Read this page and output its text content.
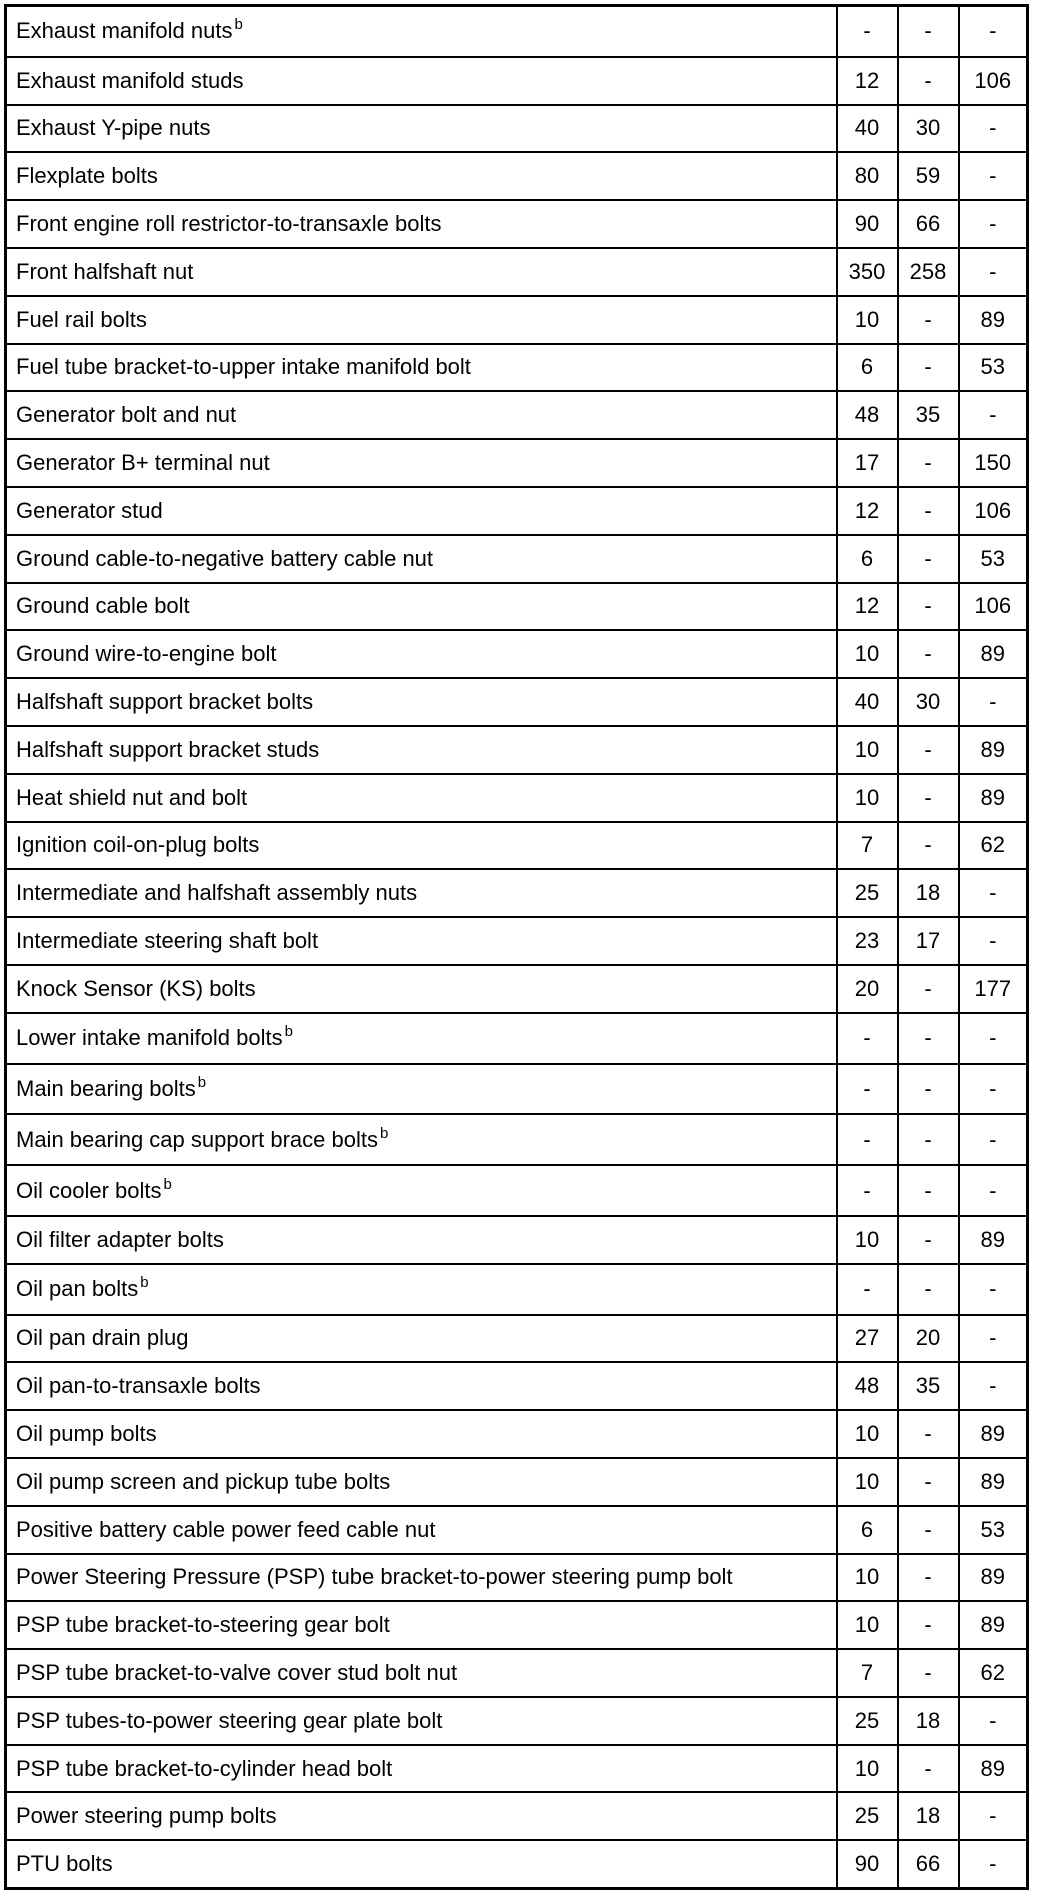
Exhaust manifold nuts $^b$	-	-	-
Exhaust manifold studs	12	-	106
Exhaust Y-pipe nuts	40	30	-
Flexplate bolts	80	59	-
Front engine roll restrictor-to-transaxle bolts	90	66	-
Front halfshaft nut	350	258	-
Fuel rail bolts	10	-	89
Fuel tube bracket-to-upper intake manifold bolt	6	-	53
Generator bolt and nut	48	35	-
Generator B+ terminal nut	17	-	150
Generator stud	12	-	106
Ground cable-to-negative battery cable nut	6	-	53
Ground cable bolt	12	-	106
Ground wire-to-engine bolt	10	-	89
Halfshaft support bracket bolts	40	30	-
Halfshaft support bracket studs	10	-	89
Heat shield nut and bolt	10	-	89
Ignition coil-on-plug bolts	7	-	62
Intermediate and halfshaft assembly nuts	25	18	-
Intermediate steering shaft bolt	23	17	-
Knock Sensor (KS) bolts	20	-	177
Lower intake manifold bolts $^b$	-	-	-
Main bearing bolts $^b$	-	-	-
Main bearing cap support brace bolts $^b$	-	-	-
Oil cooler bolts $^b$	-	-	-
Oil filter adapter bolts	10	-	89
Oil pan bolts $^b$	-	-	-
Oil pan drain plug	27	20	-
Oil pan-to-transaxle bolts	48	35	-
Oil pump bolts	10	-	89
Oil pump screen and pickup tube bolts	10	-	89
Positive battery cable power feed cable nut	6	-	53
Power Steering Pressure (PSP) tube bracket-to-power steering pump bolt	10	-	89
PSP tube bracket-to-steering gear bolt	10	-	89
PSP tube bracket-to-valve cover stud bolt nut	7	-	62
PSP tubes-to-power steering gear plate bolt	25	18	-
PSP tube bracket-to-cylinder head bolt	10	-	89
Power steering pump bolts	25	18	-
PTU bolts	90	66	-
